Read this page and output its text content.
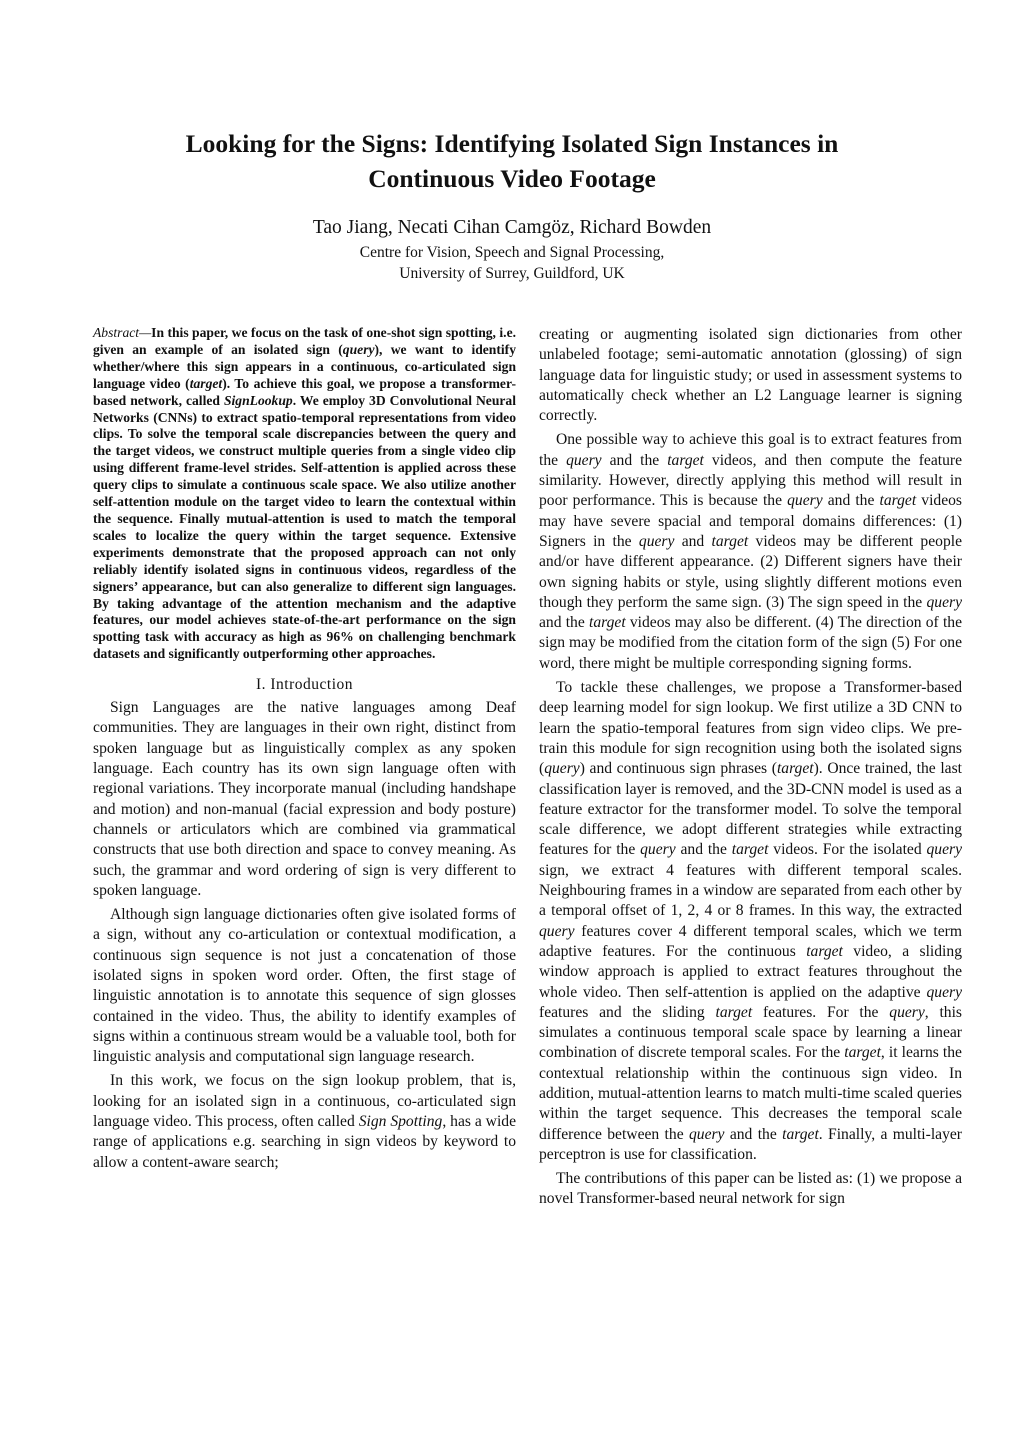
Looking for the Signs: Identifying Isolated Sign Instances in
Continuous Video Footage
Tao Jiang, Necati Cihan Camgöz, Richard Bowden
Centre for Vision, Speech and Signal Processing,
University of Surrey, Guildford, UK

Abstract—In this paper, we focus on the task of one-shot sign spotting, i.e. given an example of an isolated sign (query), we want to identify whether/where this sign appears in a continuous, co-articulated sign language video (target). To achieve this goal, we propose a transformer-based network, called SignLookup. We employ 3D Convolutional Neural Networks (CNNs) to extract spatio-temporal representations from video clips. To solve the temporal scale discrepancies between the query and the target videos, we construct multiple queries from a single video clip using different frame-level strides. Self-attention is applied across these query clips to simulate a continuous scale space. We also utilize another self-attention module on the target video to learn the contextual within the sequence. Finally mutual-attention is used to match the temporal scales to localize the query within the target sequence. Extensive experiments demonstrate that the proposed approach can not only reliably identify isolated signs in continuous videos, regardless of the signers’ appearance, but can also generalize to different sign languages. By taking advantage of the attention mechanism and the adaptive features, our model achieves state-of-the-art performance on the sign spotting task with accuracy as high as 96% on challenging benchmark datasets and significantly outperforming other approaches.

I. Introduction

Sign Languages are the native languages among Deaf communities. They are languages in their own right, distinct from spoken language but as linguistically complex as any spoken language. Each country has its own sign language often with regional variations. They incorporate manual (including handshape and motion) and non-manual (facial expression and body posture) channels or articulators which are combined via grammatical constructs that use both direction and space to convey meaning. As such, the grammar and word ordering of sign is very different to spoken language.

Although sign language dictionaries often give isolated forms of a sign, without any co-articulation or contextual modification, a continuous sign sequence is not just a concatenation of those isolated signs in spoken word order. Often, the first stage of linguistic annotation is to annotate this sequence of sign glosses contained in the video. Thus, the ability to identify examples of signs within a continuous stream would be a valuable tool, both for linguistic analysis and computational sign language research.

In this work, we focus on the sign lookup problem, that is, looking for an isolated sign in a continuous, co-articulated sign language video. This process, often called Sign Spotting, has a wide range of applications e.g. searching in sign videos by keyword to allow a content-aware search;

creating or augmenting isolated sign dictionaries from other unlabeled footage; semi-automatic annotation (glossing) of sign language data for linguistic study; or used in assessment systems to automatically check whether an L2 Language learner is signing correctly.

One possible way to achieve this goal is to extract features from the query and the target videos, and then compute the feature similarity. However, directly applying this method will result in poor performance. This is because the query and the target videos may have severe spacial and temporal domains differences: (1) Signers in the query and target videos may be different people and/or have different appearance. (2) Different signers have their own signing habits or style, using slightly different motions even though they perform the same sign. (3) The sign speed in the query and the target videos may also be different. (4) The direction of the sign may be modified from the citation form of the sign (5) For one word, there might be multiple corresponding signing forms.

To tackle these challenges, we propose a Transformer-based deep learning model for sign lookup. We first utilize a 3D CNN to learn the spatio-temporal features from sign video clips. We pre-train this module for sign recognition using both the isolated signs (query) and continuous sign phrases (target). Once trained, the last classification layer is removed, and the 3D-CNN model is used as a feature extractor for the transformer model. To solve the temporal scale difference, we adopt different strategies while extracting features for the query and the target videos. For the isolated query sign, we extract 4 features with different temporal scales. Neighbouring frames in a window are separated from each other by a temporal offset of 1, 2, 4 or 8 frames. In this way, the extracted query features cover 4 different temporal scales, which we term adaptive features. For the continuous target video, a sliding window approach is applied to extract features throughout the whole video. Then self-attention is applied on the adaptive query features and the sliding target features. For the query, this simulates a continuous temporal scale space by learning a linear combination of discrete temporal scales. For the target, it learns the contextual relationship within the continuous sign video. In addition, mutual-attention learns to match multi-time scaled queries within the target sequence. This decreases the temporal scale difference between the query and the target. Finally, a multi-layer perceptron is use for classification.

The contributions of this paper can be listed as: (1) we propose a novel Transformer-based neural network for sign
